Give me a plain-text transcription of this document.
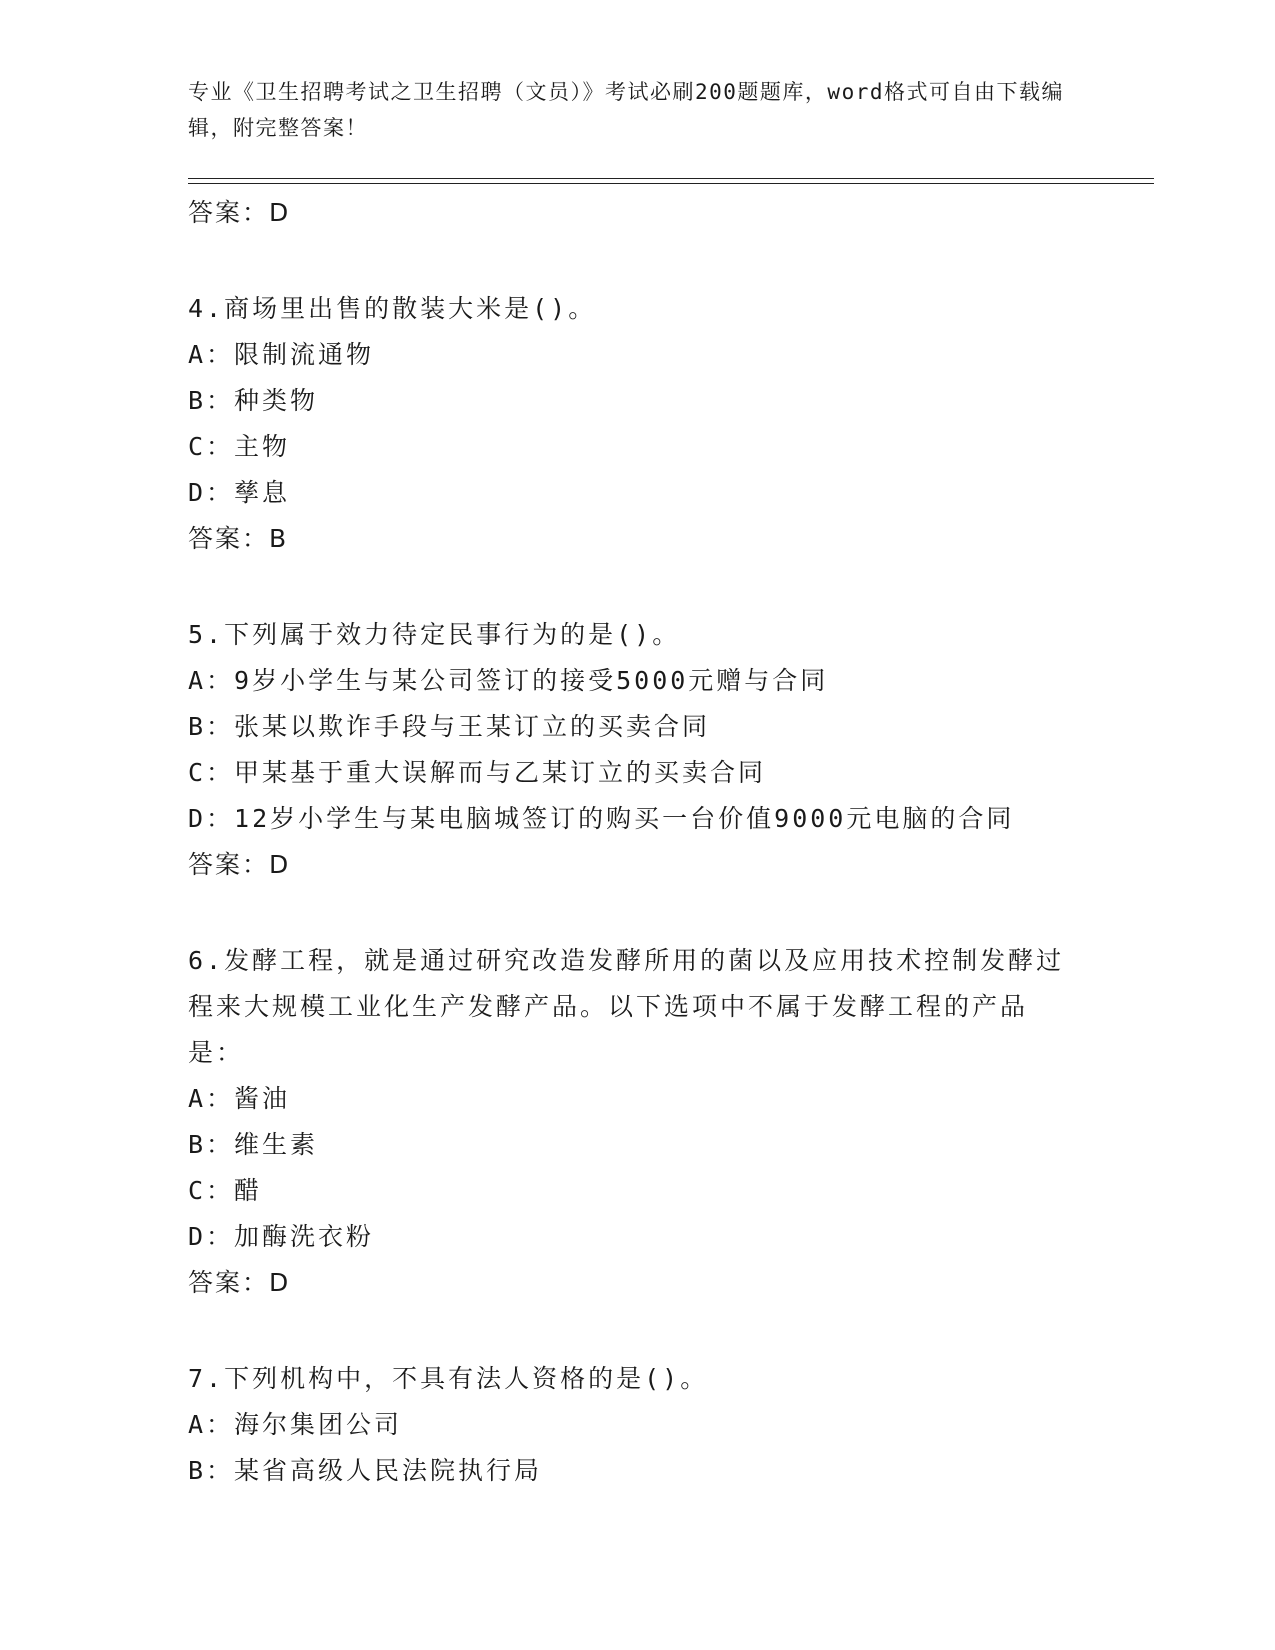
专业《卫生招聘考试之卫生招聘（文员）》考试必刷200题题库，word格式可自由下载编辑，附完整答案！

答案：D

4.商场里出售的散装大米是()。

A：限制流通物

B：种类物

C：主物

D：孳息

答案：B

5.下列属于效力待定民事行为的是()。

A：9岁小学生与某公司签订的接受5000元赠与合同

B：张某以欺诈手段与王某订立的买卖合同

C：甲某基于重大误解而与乙某订立的买卖合同

D：12岁小学生与某电脑城签订的购买一台价值9000元电脑的合同

答案：D

6.发酵工程，就是通过研究改造发酵所用的菌以及应用技术控制发酵过程来大规模工业化生产发酵产品。以下选项中不属于发酵工程的产品是：

A：酱油

B：维生素

C：醋

D：加酶洗衣粉

答案：D

7.下列机构中，不具有法人资格的是()。

A：海尔集团公司

B：某省高级人民法院执行局
